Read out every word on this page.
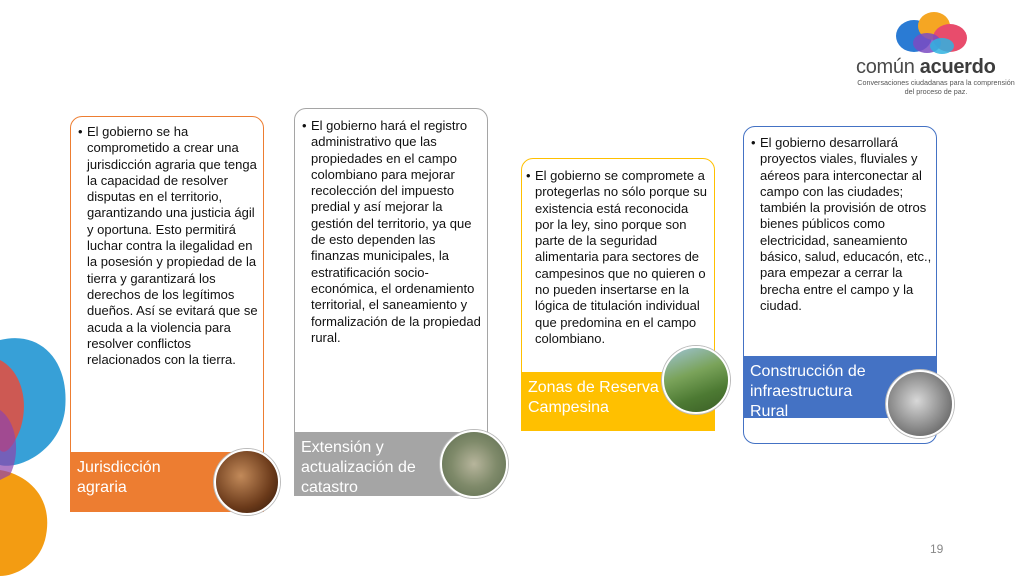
común acuerdo
Conversaciones ciudadanas para la comprensión del proceso de paz.
• El gobierno se ha comprometido a crear una jurisdicción agraria que tenga la capacidad de resolver disputas en el territorio, garantizando una justicia ágil y oportuna. Esto permitirá luchar contra la ilegalidad en la posesión y propiedad de la tierra y garantizará los derechos de los legítimos dueños. Así se evitará que se acuda a la violencia para resolver conflictos relacionados con la tierra.
Jurisdicción agraria
• El gobierno hará el registro administrativo que las propiedades en el campo colombiano para mejorar recolección del impuesto predial y así mejorar la gestión del territorio, ya que de esto dependen las finanzas municipales, la estratificación socio-económica, el ordenamiento territorial, el saneamiento y formalización de la propiedad rural.
Extensión y actualización de catastro
• El gobierno se compromete a protegerlas no sólo porque su existencia está reconocida por la ley, sino porque son parte de la seguridad alimentaria para sectores de campesinos que no quieren o no pueden insertarse en la lógica de titulación individual que predomina en el campo colombiano.
Zonas de Reserva Campesina
• El gobierno desarrollará proyectos viales, fluviales y aéreos para interconectar al campo con las ciudades; también la provisión de otros bienes públicos como electricidad, saneamiento básico, salud, educacón, etc., para empezar a cerrar la brecha entre el campo y la ciudad.
Construcción de infraestructura Rural
19
